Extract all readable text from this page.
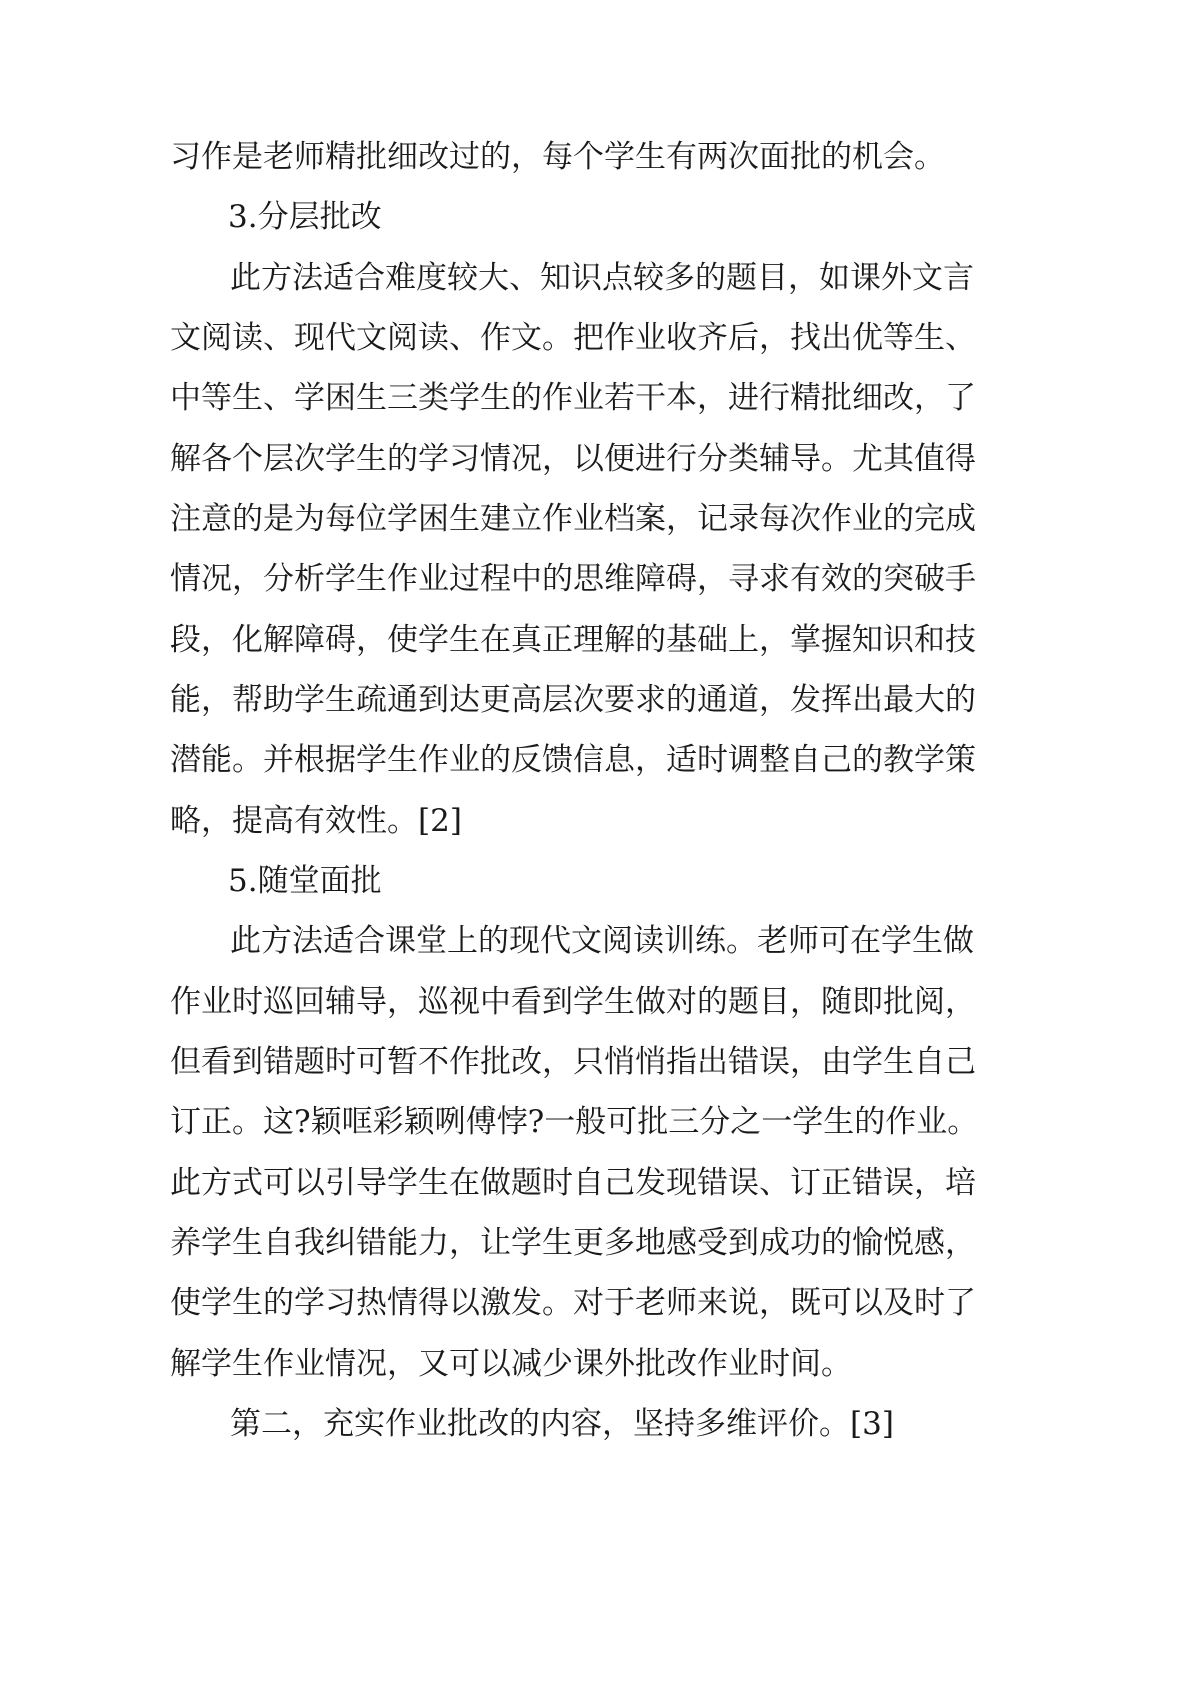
习作是老师精批细改过的，每个学生有两次面批的机会。
3.分层批改
此方法适合难度较大、知识点较多的题目，如课外文言
文阅读、现代文阅读、作文。把作业收齐后，找出优等生、
中等生、学困生三类学生的作业若干本，进行精批细改，了
解各个层次学生的学习情况，以便进行分类辅导。尤其值得
注意的是为每位学困生建立作业档案，记录每次作业的完成
情况，分析学生作业过程中的思维障碍，寻求有效的突破手
段，化解障碍，使学生在真正理解的基础上，掌握知识和技
能，帮助学生疏通到达更高层次要求的通道，发挥出最大的
潜能。并根据学生作业的反馈信息，适时调整自己的教学策
略，提高有效性。[2]
5.随堂面批
此方法适合课堂上的现代文阅读训练。老师可在学生做
作业时巡回辅导，巡视中看到学生做对的题目，随即批阅，
但看到错题时可暂不作批改，只悄悄指出错误，由学生自己
订正。这?颖哐彩颖咧傅悖?一般可批三分之一学生的作业。
此方式可以引导学生在做题时自己发现错误、订正错误，培
养学生自我纠错能力，让学生更多地感受到成功的愉悦感，
使学生的学习热情得以激发。对于老师来说，既可以及时了
解学生作业情况，又可以减少课外批改作业时间。
第二，充实作业批改的内容，坚持多维评价。[3]
